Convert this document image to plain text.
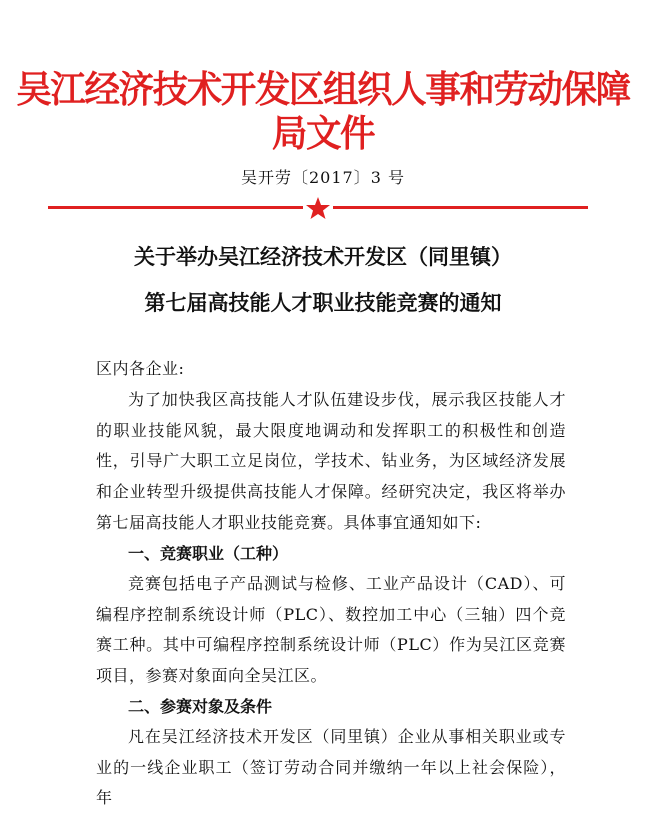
吴江经济技术开发区组织人事和劳动保障局文件
吴开劳〔2017〕3 号
关于举办吴江经济技术开发区（同里镇）
第七届高技能人才职业技能竞赛的通知
区内各企业:
为了加快我区高技能人才队伍建设步伐，展示我区技能人才的职业技能风貌，最大限度地调动和发挥职工的积极性和创造性，引导广大职工立足岗位，学技术、钻业务，为区域经济发展和企业转型升级提供高技能人才保障。经研究决定，我区将举办第七届高技能人才职业技能竞赛。具体事宜通知如下:
一、竞赛职业（工种）
竞赛包括电子产品测试与检修、工业产品设计（CAD）、可编程序控制系统设计师（PLC）、数控加工中心（三轴）四个竞赛工种。其中可编程序控制系统设计师（PLC）作为吴江区竞赛项目，参赛对象面向全吴江区。
二、参赛对象及条件
凡在吴江经济技术开发区（同里镇）企业从事相关职业或专业的一线企业职工（签订劳动合同并缴纳一年以上社会保险），年
